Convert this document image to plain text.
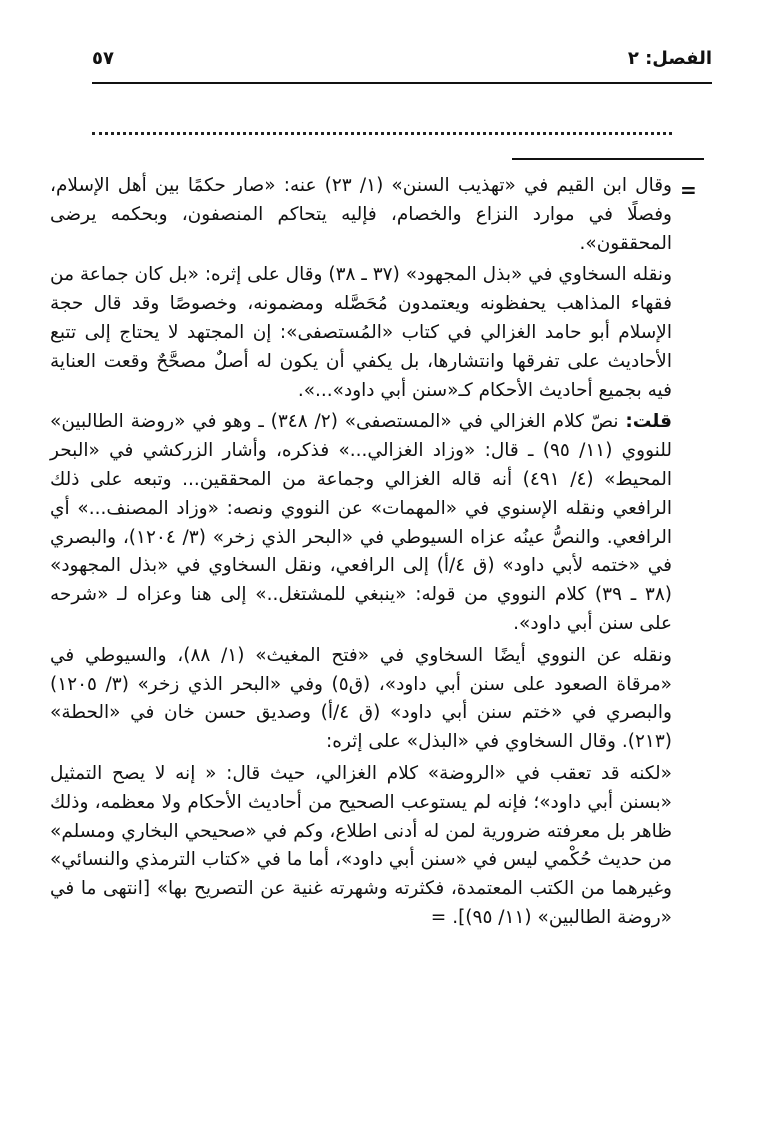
الفصل: ٢
٥٧
=

وقال ابن القيم في «تهذيب السنن» (١/ ٢٣) عنه: «صار حكمًا بين أهل الإسلام، وفصلًا في موارد النزاع والخصام، فإليه يتحاكم المنصفون، وبحكمه يرضى المحققون».

ونقله السخاوي في «بذل المجهود» (٣٧ ـ ٣٨) وقال على إثره: «بل كان جماعة من فقهاء المذاهب يحفظونه ويعتمدون مُحَصَّله ومضمونه، وخصوصًا وقد قال حجة الإسلام أبو حامد الغزالي في كتاب «المُستصفى»: إن المجتهد لا يحتاج إلى تتبع الأحاديث على تفرقها وانتشارها، بل يكفي أن يكون له أصلٌ مصحَّحٌ وقعت العناية فيه بجميع أحاديث الأحكام كـ«سنن أبي داود»...».

قلت: نصّ كلام الغزالي في «المستصفى» (٢/ ٣٤٨) ـ وهو في «روضة الطالبين» للنووي (١١/ ٩٥) ـ قال: «وزاد الغزالي...» فذكره، وأشار الزركشي في «البحر المحيط» (٤/ ٤٩١) أنه قاله الغزالي وجماعة من المحققين... وتبعه على ذلك الرافعي ونقله الإسنوي في «المهمات» عن النووي ونصه: «وزاد المصنف...» أي الرافعي. والنصُّ عينُه عزاه السيوطي في «البحر الذي زخر» (٣/ ١٢٠٤)، والبصري في «ختمه لأبي داود» (ق ٤/أ) إلى الرافعي، ونقل السخاوي في «بذل المجهود» (٣٨ ـ ٣٩) كلام النووي من قوله: «ينبغي للمشتغل..» إلى هنا وعزاه لـ «شرحه على سنن أبي داود».

ونقله عن النووي أيضًا السخاوي في «فتح المغيث» (١/ ٨٨)، والسيوطي في «مرقاة الصعود على سنن أبي داود»، (ق٥) وفي «البحر الذي زخر» (٣/ ١٢٠٥) والبصري في «ختم سنن أبي داود» (ق ٤/أ) وصديق حسن خان في «الحطة» (٢١٣). وقال السخاوي في «البذل» على إثره:

«لكنه قد تعقب في «الروضة» كلام الغزالي، حيث قال: « إنه لا يصح التمثيل «بسنن أبي داود»؛ فإنه لم يستوعب الصحيح من أحاديث الأحكام ولا معظمه، وذلك ظاهر بل معرفته ضرورية لمن له أدنى اطلاع، وكم في «صحيحي البخاري ومسلم» من حديث حُكْمي ليس في «سنن أبي داود»، أما ما في «كتاب الترمذي والنسائي» وغيرهما من الكتب المعتمدة، فكثرته وشهرته غنية عن التصريح بها» [انتهى ما في «روضة الطالبين» (١١/ ٩٥)]. =
